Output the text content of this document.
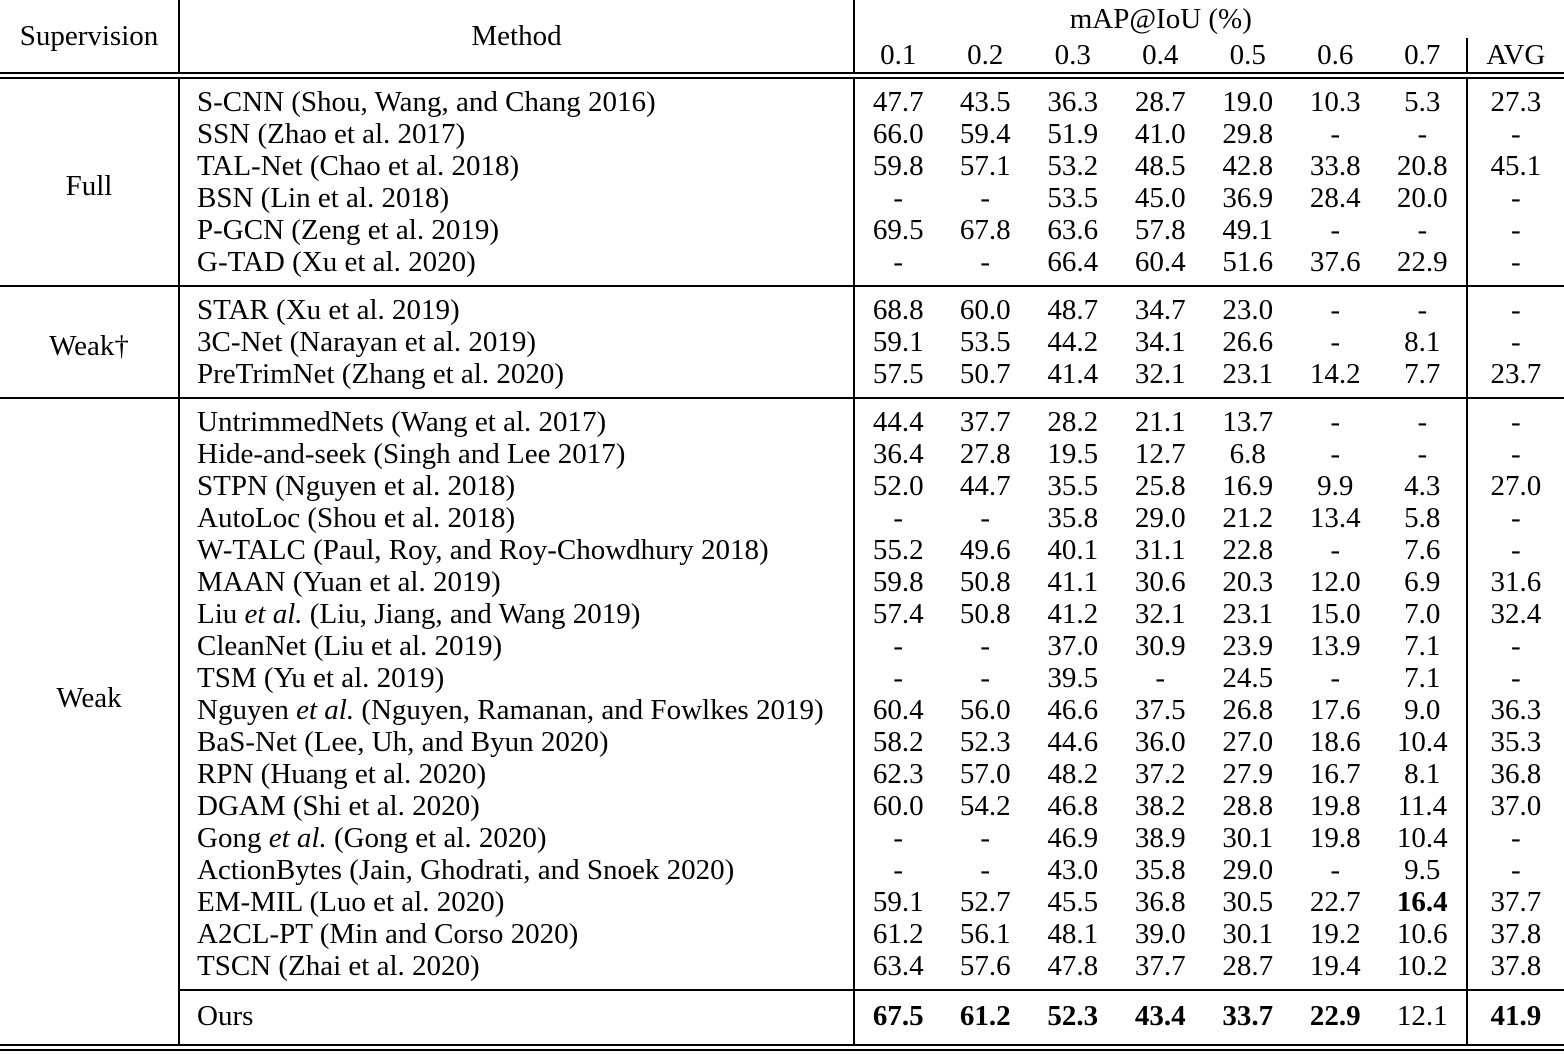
Supervision	Method	mAP@IoU (%)							
		0.1	0.2	0.3	0.4	0.5	0.6	0.7	AVG
Full	S-CNN (Shou, Wang, and Chang 2016)	47.7	43.5	36.3	28.7	19.0	10.3	5.3	27.3
	SSN (Zhao et al. 2017)	66.0	59.4	51.9	41.0	29.8	-	-	-
	TAL-Net (Chao et al. 2018)	59.8	57.1	53.2	48.5	42.8	33.8	20.8	45.1
	BSN (Lin et al. 2018)	-	-	53.5	45.0	36.9	28.4	20.0	-
	P-GCN (Zeng et al. 2019)	69.5	67.8	63.6	57.8	49.1	-	-	-
	G-TAD (Xu et al. 2020)	-	-	66.4	60.4	51.6	37.6	22.9	-
Weak†	STAR (Xu et al. 2019)	68.8	60.0	48.7	34.7	23.0	-	-	-
	3C-Net (Narayan et al. 2019)	59.1	53.5	44.2	34.1	26.6	-	8.1	-
	PreTrimNet (Zhang et al. 2020)	57.5	50.7	41.4	32.1	23.1	14.2	7.7	23.7
Weak	UntrimmedNets (Wang et al. 2017)	44.4	37.7	28.2	21.1	13.7	-	-	-
	Hide-and-seek (Singh and Lee 2017)	36.4	27.8	19.5	12.7	6.8	-	-	-
	STPN (Nguyen et al. 2018)	52.0	44.7	35.5	25.8	16.9	9.9	4.3	27.0
	AutoLoc (Shou et al. 2018)	-	-	35.8	29.0	21.2	13.4	5.8	-
	W-TALC (Paul, Roy, and Roy-Chowdhury 2018)	55.2	49.6	40.1	31.1	22.8	-	7.6	-
	MAAN (Yuan et al. 2019)	59.8	50.8	41.1	30.6	20.3	12.0	6.9	31.6
	Liu et al. (Liu, Jiang, and Wang 2019)	57.4	50.8	41.2	32.1	23.1	15.0	7.0	32.4
	CleanNet (Liu et al. 2019)	-	-	37.0	30.9	23.9	13.9	7.1	-
	TSM (Yu et al. 2019)	-	-	39.5	-	24.5	-	7.1	-
	Nguyen et al. (Nguyen, Ramanan, and Fowlkes 2019)	60.4	56.0	46.6	37.5	26.8	17.6	9.0	36.3
	BaS-Net (Lee, Uh, and Byun 2020)	58.2	52.3	44.6	36.0	27.0	18.6	10.4	35.3
	RPN (Huang et al. 2020)	62.3	57.0	48.2	37.2	27.9	16.7	8.1	36.8
	DGAM (Shi et al. 2020)	60.0	54.2	46.8	38.2	28.8	19.8	11.4	37.0
	Gong et al. (Gong et al. 2020)	-	-	46.9	38.9	30.1	19.8	10.4	-
	ActionBytes (Jain, Ghodrati, and Snoek 2020)	-	-	43.0	35.8	29.0	-	9.5	-
	EM-MIL (Luo et al. 2020)	59.1	52.7	45.5	36.8	30.5	22.7	16.4	37.7
	A2CL-PT (Min and Corso 2020)	61.2	56.1	48.1	39.0	30.1	19.2	10.6	37.8
	TSCN (Zhai et al. 2020)	63.4	57.6	47.8	37.7	28.7	19.4	10.2	37.8
	Ours	67.5	61.2	52.3	43.4	33.7	22.9	12.1	41.9
